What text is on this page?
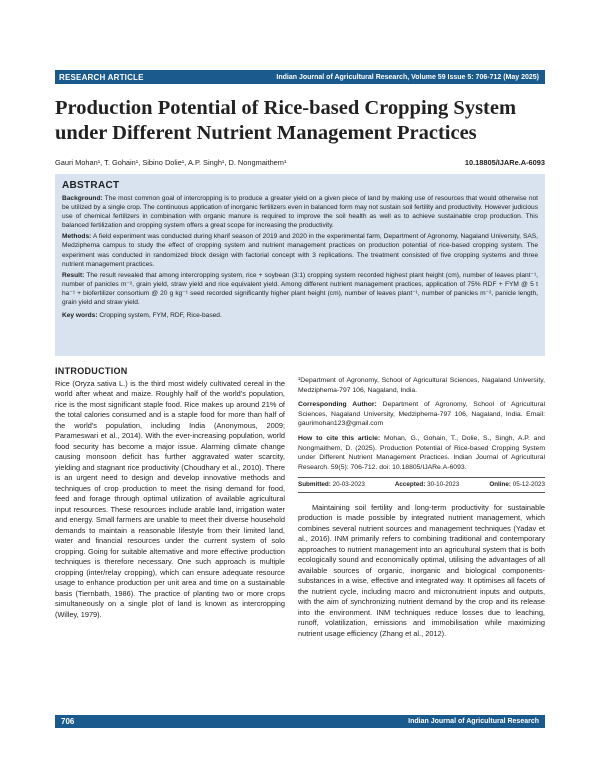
RESEARCH ARTICLE	Indian Journal of Agricultural Research, Volume 59 Issue 5: 706-712 (May 2025)
Production Potential of Rice-based Cropping System under Different Nutrient Management Practices
Gauri Mohan¹, T. Gohain¹, Sibino Dolie¹, A.P. Singh¹, D. Nongmaithem¹	10.18805/IJARe.A-6093
ABSTRACT

Background: The most common goal of intercropping is to produce a greater yield on a given piece of land by making use of resources that would otherwise not be utilized by a single crop. The continuous application of inorganic fertilizers even in balanced form may not sustain soil fertility and productivity. However judicious use of chemical fertilizers in combination with organic manure is required to improve the soil health as well as to achieve sustainable crop production. This balanced fertilization and cropping system offers a great scope for increasing the productivity.

Methods: A field experiment was conducted during kharif season of 2019 and 2020 in the experimental farm, Department of Agronomy, Nagaland University, SAS, Medziphema campus to study the effect of cropping system and nutrient management practices on production potential of rice-based cropping system. The experiment was conducted in randomized block design with factorial concept with 3 replications. The treatment consisted of five cropping systems and three nutrient management practices.

Result: The result revealed that among intercropping system, rice + soybean (3:1) cropping system recorded highest plant height (cm), number of leaves plant⁻¹, number of panicles m⁻², grain yield, straw yield and rice equivalent yield. Among different nutrient management practices, application of 75% RDF + FYM @ 5 t ha⁻¹ + biofertilizer consortium @ 20 g kg⁻¹ seed recorded significantly higher plant height (cm), number of leaves plant⁻¹, number of panicles m⁻², panicle length, grain yield and straw yield.

Key words: Cropping system, FYM, RDF, Rice-based.

INTRODUCTION

Rice (Oryza sativa L.) is the third most widely cultivated cereal in the world after wheat and maize. Roughly half of the world's population, rice is the most significant staple food. Rice makes up around 21% of the total calories consumed and is a staple food for more than half of the world's population, including India (Anonymous, 2009; Parameswari et al., 2014). With the ever-increasing population, world food security has become a major issue. Alarming climate change causing monsoon deficit has further aggravated water scarcity, yielding and stagnant rice productivity (Choudhary et al., 2010). There is an urgent need to design and develop innovative methods and techniques of crop production to meet the rising demand for food, feed and forage through optimal utilization of available agricultural input resources. These resources include arable land, irrigation water and energy. Small farmers are unable to meet their diverse household demands to maintain a reasonable lifestyle from their limited land, water and financial resources under the current system of solo cropping. Going for suitable alternative and more effective production techniques is therefore necessary. One such approach is multiple cropping (inter/relay cropping), which can ensure adequate resource usage to enhance production per unit area and time on a sustainable basis (Tiernbath, 1986). The practice of planting two or more crops simultaneously on a single plot of land is known as intercropping (Willey, 1979).

¹Department of Agronomy, School of Agricultural Sciences, Nagaland University, Medziphema-797 106, Nagaland, India.

Corresponding Author: Department of Agronomy, School of Agricultural Sciences, Nagaland University, Medziphema-797 106, Nagaland, India. Email: gaurimohan123@gmail.com

How to cite this article: Mohan, G., Gohain, T., Dolie, S., Singh, A.P. and Nongmaithem, D. (2025). Production Potential of Rice-based Cropping System under Different Nutrient Management Practices. Indian Journal of Agricultural Research. 59(5): 706-712. doi: 10.18805/IJARe.A-6093.

Submitted: 20-03-2023	Accepted: 30-10-2023	Online: 05-12-2023

Maintaining soil fertility and long-term productivity for sustainable production is made possible by integrated nutrient management, which combines several nutrient sources and management techniques (Yadav et al., 2016). INM primarily refers to combining traditional and contemporary approaches to nutrient management into an agricultural system that is both ecologically sound and economically optimal, utilising the advantages of all available sources of organic, inorganic and biological components-substances in a wise, effective and integrated way. It optimises all facets of the nutrient cycle, including macro and micronutrient inputs and outputs, with the aim of synchronizing nutrient demand by the crop and its release into the environment. INM techniques reduce losses due to leaching, runoff, volatilization, emissions and immobilisation while maximizing nutrient usage efficiency (Zhang et al., 2012).

706	Indian Journal of Agricultural Research
